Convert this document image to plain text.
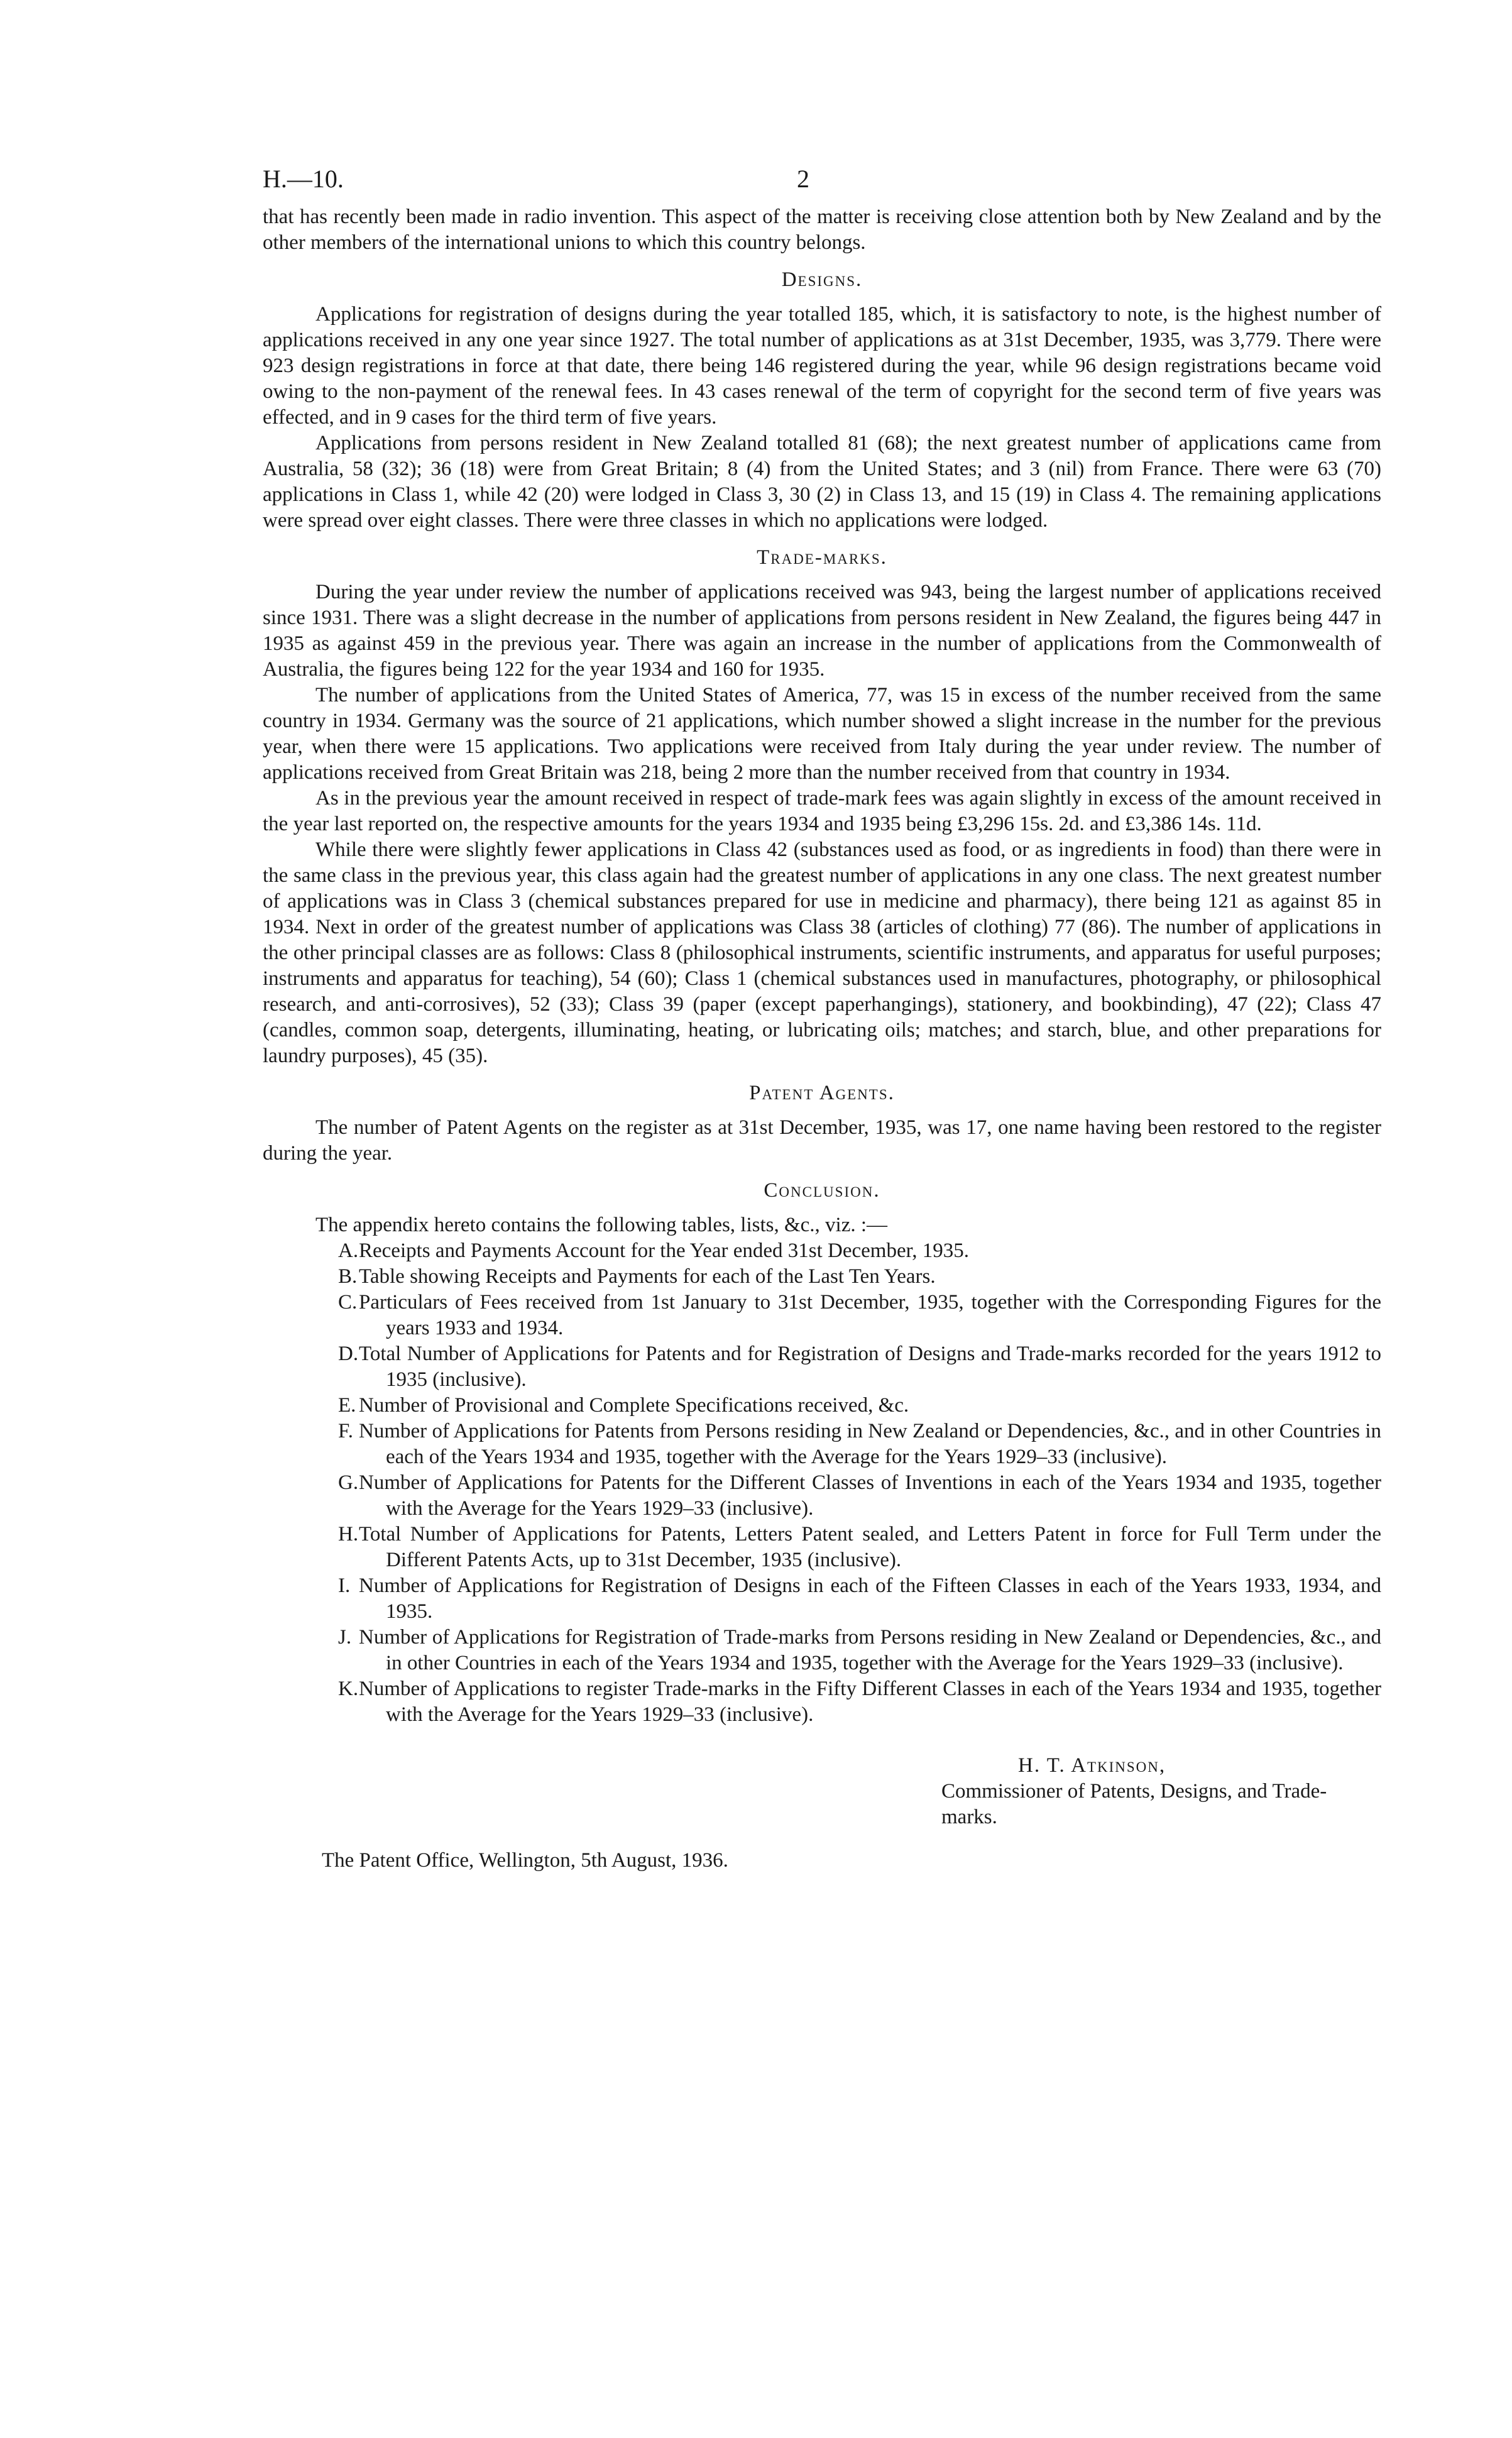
H.—10.	2

that has recently been made in radio invention. This aspect of the matter is receiving close attention both by New Zealand and by the other members of the international unions to which this country belongs.

Designs.

Applications for registration of designs during the year totalled 185, which, it is satisfactory to note, is the highest number of applications received in any one year since 1927. The total number of applications as at 31st December, 1935, was 3,779. There were 923 design registrations in force at that date, there being 146 registered during the year, while 96 design registrations became void owing to the non-payment of the renewal fees. In 43 cases renewal of the term of copyright for the second term of five years was effected, and in 9 cases for the third term of five years.

Applications from persons resident in New Zealand totalled 81 (68); the next greatest number of applications came from Australia, 58 (32); 36 (18) were from Great Britain; 8 (4) from the United States; and 3 (nil) from France. There were 63 (70) applications in Class 1, while 42 (20) were lodged in Class 3, 30 (2) in Class 13, and 15 (19) in Class 4. The remaining applications were spread over eight classes. There were three classes in which no applications were lodged.

Trade-marks.

During the year under review the number of applications received was 943, being the largest number of applications received since 1931. There was a slight decrease in the number of applications from persons resident in New Zealand, the figures being 447 in 1935 as against 459 in the previous year. There was again an increase in the number of applications from the Commonwealth of Australia, the figures being 122 for the year 1934 and 160 for 1935.

The number of applications from the United States of America, 77, was 15 in excess of the number received from the same country in 1934. Germany was the source of 21 applications, which number showed a slight increase in the number for the previous year, when there were 15 applications. Two applications were received from Italy during the year under review. The number of applications received from Great Britain was 218, being 2 more than the number received from that country in 1934.

As in the previous year the amount received in respect of trade-mark fees was again slightly in excess of the amount received in the year last reported on, the respective amounts for the years 1934 and 1935 being £3,296 15s. 2d. and £3,386 14s. 11d.

While there were slightly fewer applications in Class 42 (substances used as food, or as ingredients in food) than there were in the same class in the previous year, this class again had the greatest number of applications in any one class. The next greatest number of applications was in Class 3 (chemical substances prepared for use in medicine and pharmacy), there being 121 as against 85 in 1934. Next in order of the greatest number of applications was Class 38 (articles of clothing) 77 (86). The number of applications in the other principal classes are as follows: Class 8 (philosophical instruments, scientific instruments, and apparatus for useful purposes; instruments and apparatus for teaching), 54 (60); Class 1 (chemical substances used in manufactures, photography, or philosophical research, and anti-corrosives), 52 (33); Class 39 (paper (except paperhangings), stationery, and bookbinding), 47 (22); Class 47 (candles, common soap, detergents, illuminating, heating, or lubricating oils; matches; and starch, blue, and other preparations for laundry purposes), 45 (35).

Patent Agents.

The number of Patent Agents on the register as at 31st December, 1935, was 17, one name having been restored to the register during the year.

Conclusion.

The appendix hereto contains the following tables, lists, &c., viz. :—

A. Receipts and Payments Account for the Year ended 31st December, 1935.
B. Table showing Receipts and Payments for each of the Last Ten Years.
C. Particulars of Fees received from 1st January to 31st December, 1935, together with the Corresponding Figures for the years 1933 and 1934.
D. Total Number of Applications for Patents and for Registration of Designs and Trade-marks recorded for the years 1912 to 1935 (inclusive).
E. Number of Provisional and Complete Specifications received, &c.
F. Number of Applications for Patents from Persons residing in New Zealand or Dependencies, &c., and in other Countries in each of the Years 1934 and 1935, together with the Average for the Years 1929–33 (inclusive).
G. Number of Applications for Patents for the Different Classes of Inventions in each of the Years 1934 and 1935, together with the Average for the Years 1929–33 (inclusive).
H. Total Number of Applications for Patents, Letters Patent sealed, and Letters Patent in force for Full Term under the Different Patents Acts, up to 31st December, 1935 (inclusive).
I. Number of Applications for Registration of Designs in each of the Fifteen Classes in each of the Years 1933, 1934, and 1935.
J. Number of Applications for Registration of Trade-marks from Persons residing in New Zealand or Dependencies, &c., and in other Countries in each of the Years 1934 and 1935, together with the Average for the Years 1929–33 (inclusive).
K. Number of Applications to register Trade-marks in the Fifty Different Classes in each of the Years 1934 and 1935, together with the Average for the Years 1929–33 (inclusive).
H. T. Atkinson,
Commissioner of Patents, Designs, and Trade-marks.
The Patent Office, Wellington, 5th August, 1936.
